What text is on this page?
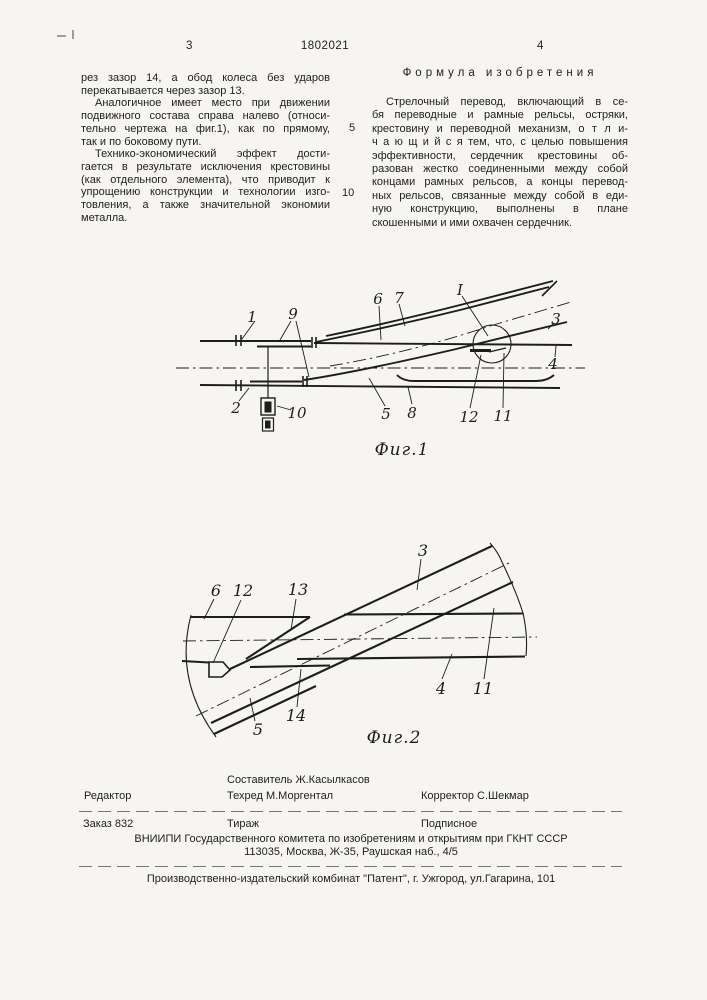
3	1802021	4
рез зазор 14, а обод колеса без ударов
перекатывается через зазор 13.
Аналогичное имеет место при движении
подвижного состава справа налево (относи-
тельно чертежа на фиг.1), как по прямому,
так и по боковому пути.
Технико-экономический эффект дости-
гается в результате исключения крестовины
(как отдельного элемента), что приводит к
упрощению конструкции и технологии изго-
товления, а также значительной экономии
металла.
Формула изобретения
Стрелочный перевод, включающий в се-
бя переводные и рамные рельсы, остряки,
крестовину и переводной механизм, о т л и-
ч а ю щ и й с я тем, что, с целью повышения
эффективности, сердечник крестовины об-
разован жестко соединенными между собой
концами рамных рельсов, а концы перевод-
ных рельсов, связанные между собой в еди-
ную конструкцию, выполнены в плане
скошенными и ими охвачен сердечник.
5
10
1 9
6 7	I
3
4
2	10	5 8	12 11
Фиг.1
3
6 12 13
14
5
4 11
Фиг.2
Составитель Ж.Касылкасов
Редактор	Техред М.Моргентал	Корректор С.Шекмар
Заказ 832	Тираж	Подписное
ВНИИПИ Государственного комитета по изобретениям и открытиям при ГКНТ СССР
113035, Москва, Ж-35, Раушская наб., 4/5
Производственно-издательский комбинат "Патент", г. Ужгород, ул.Гагарина, 101
